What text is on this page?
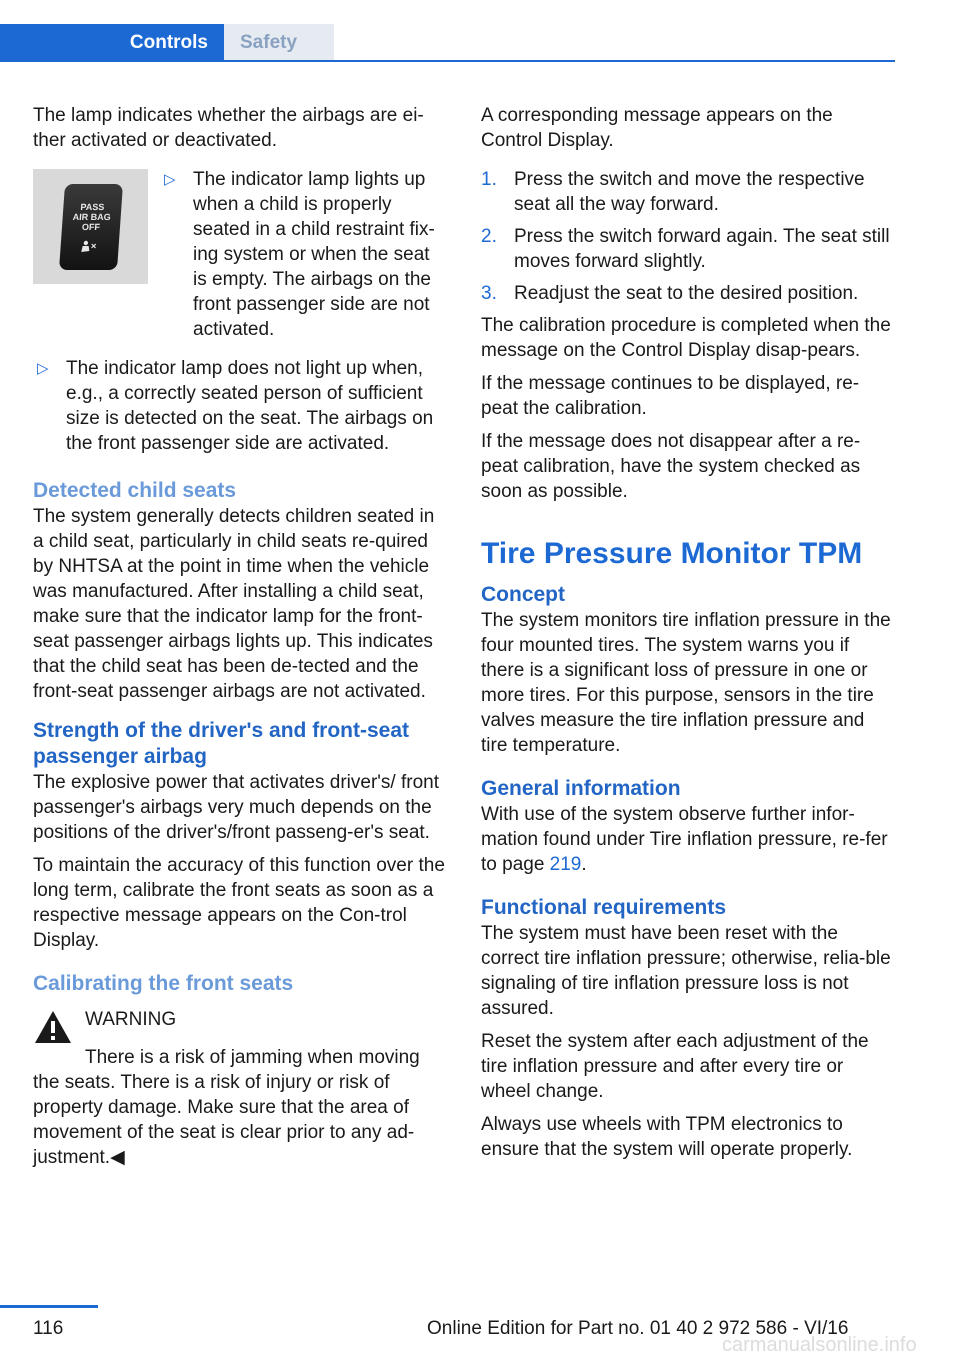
Controls	Safety

The lamp indicates whether the airbags are ei-ther activated or deactivated.

PASS
AIR BAG
OFF
▷ The indicator lamp lights up when a child is properly seated in a child restraint fix-ing system or when the seat is empty. The airbags on the front passenger side are not activated.
▷ The indicator lamp does not light up when, e.g., a correctly seated person of sufficient size is detected on the seat. The airbags on the front passenger side are activated.
Detected child seats

The system generally detects children seated in a child seat, particularly in child seats re-quired by NHTSA at the point in time when the vehicle was manufactured. After installing a child seat, make sure that the indicator lamp for the front-seat passenger airbags lights up. This indicates that the child seat has been de-tected and the front-seat passenger airbags are not activated.

Strength of the driver's and front-seat passenger airbag

The explosive power that activates driver's/ front passenger's airbags very much depends on the positions of the driver's/front passeng-er's seat.

To maintain the accuracy of this function over the long term, calibrate the front seats as soon as a respective message appears on the Con-trol Display.

Calibrating the front seats
WARNING

There is a risk of jamming when moving the seats. There is a risk of injury or risk of property damage. Make sure that the area of movement of the seat is clear prior to any ad-justment.◀

A corresponding message appears on the Control Display.

1. Press the switch and move the respective seat all the way forward.
2. Press the switch forward again. The seat still moves forward slightly.
3. Readjust the seat to the desired position.

The calibration procedure is completed when the message on the Control Display disap-pears.

If the message continues to be displayed, re-peat the calibration.

If the message does not disappear after a re-peat calibration, have the system checked as soon as possible.

Tire Pressure Monitor TPM
Concept

The system monitors tire inflation pressure in the four mounted tires. The system warns you if there is a significant loss of pressure in one or more tires. For this purpose, sensors in the tire valves measure the tire inflation pressure and tire temperature.

General information

With use of the system observe further infor-mation found under Tire inflation pressure, re-fer to page 219.

Functional requirements

The system must have been reset with the correct tire inflation pressure; otherwise, relia-ble signaling of tire inflation pressure loss is not assured.

Reset the system after each adjustment of the tire inflation pressure and after every tire or wheel change.

Always use wheels with TPM electronics to ensure that the system will operate properly.

116	Online Edition for Part no. 01 40 2 972 586 - VI/16
carmanualsonline.info
